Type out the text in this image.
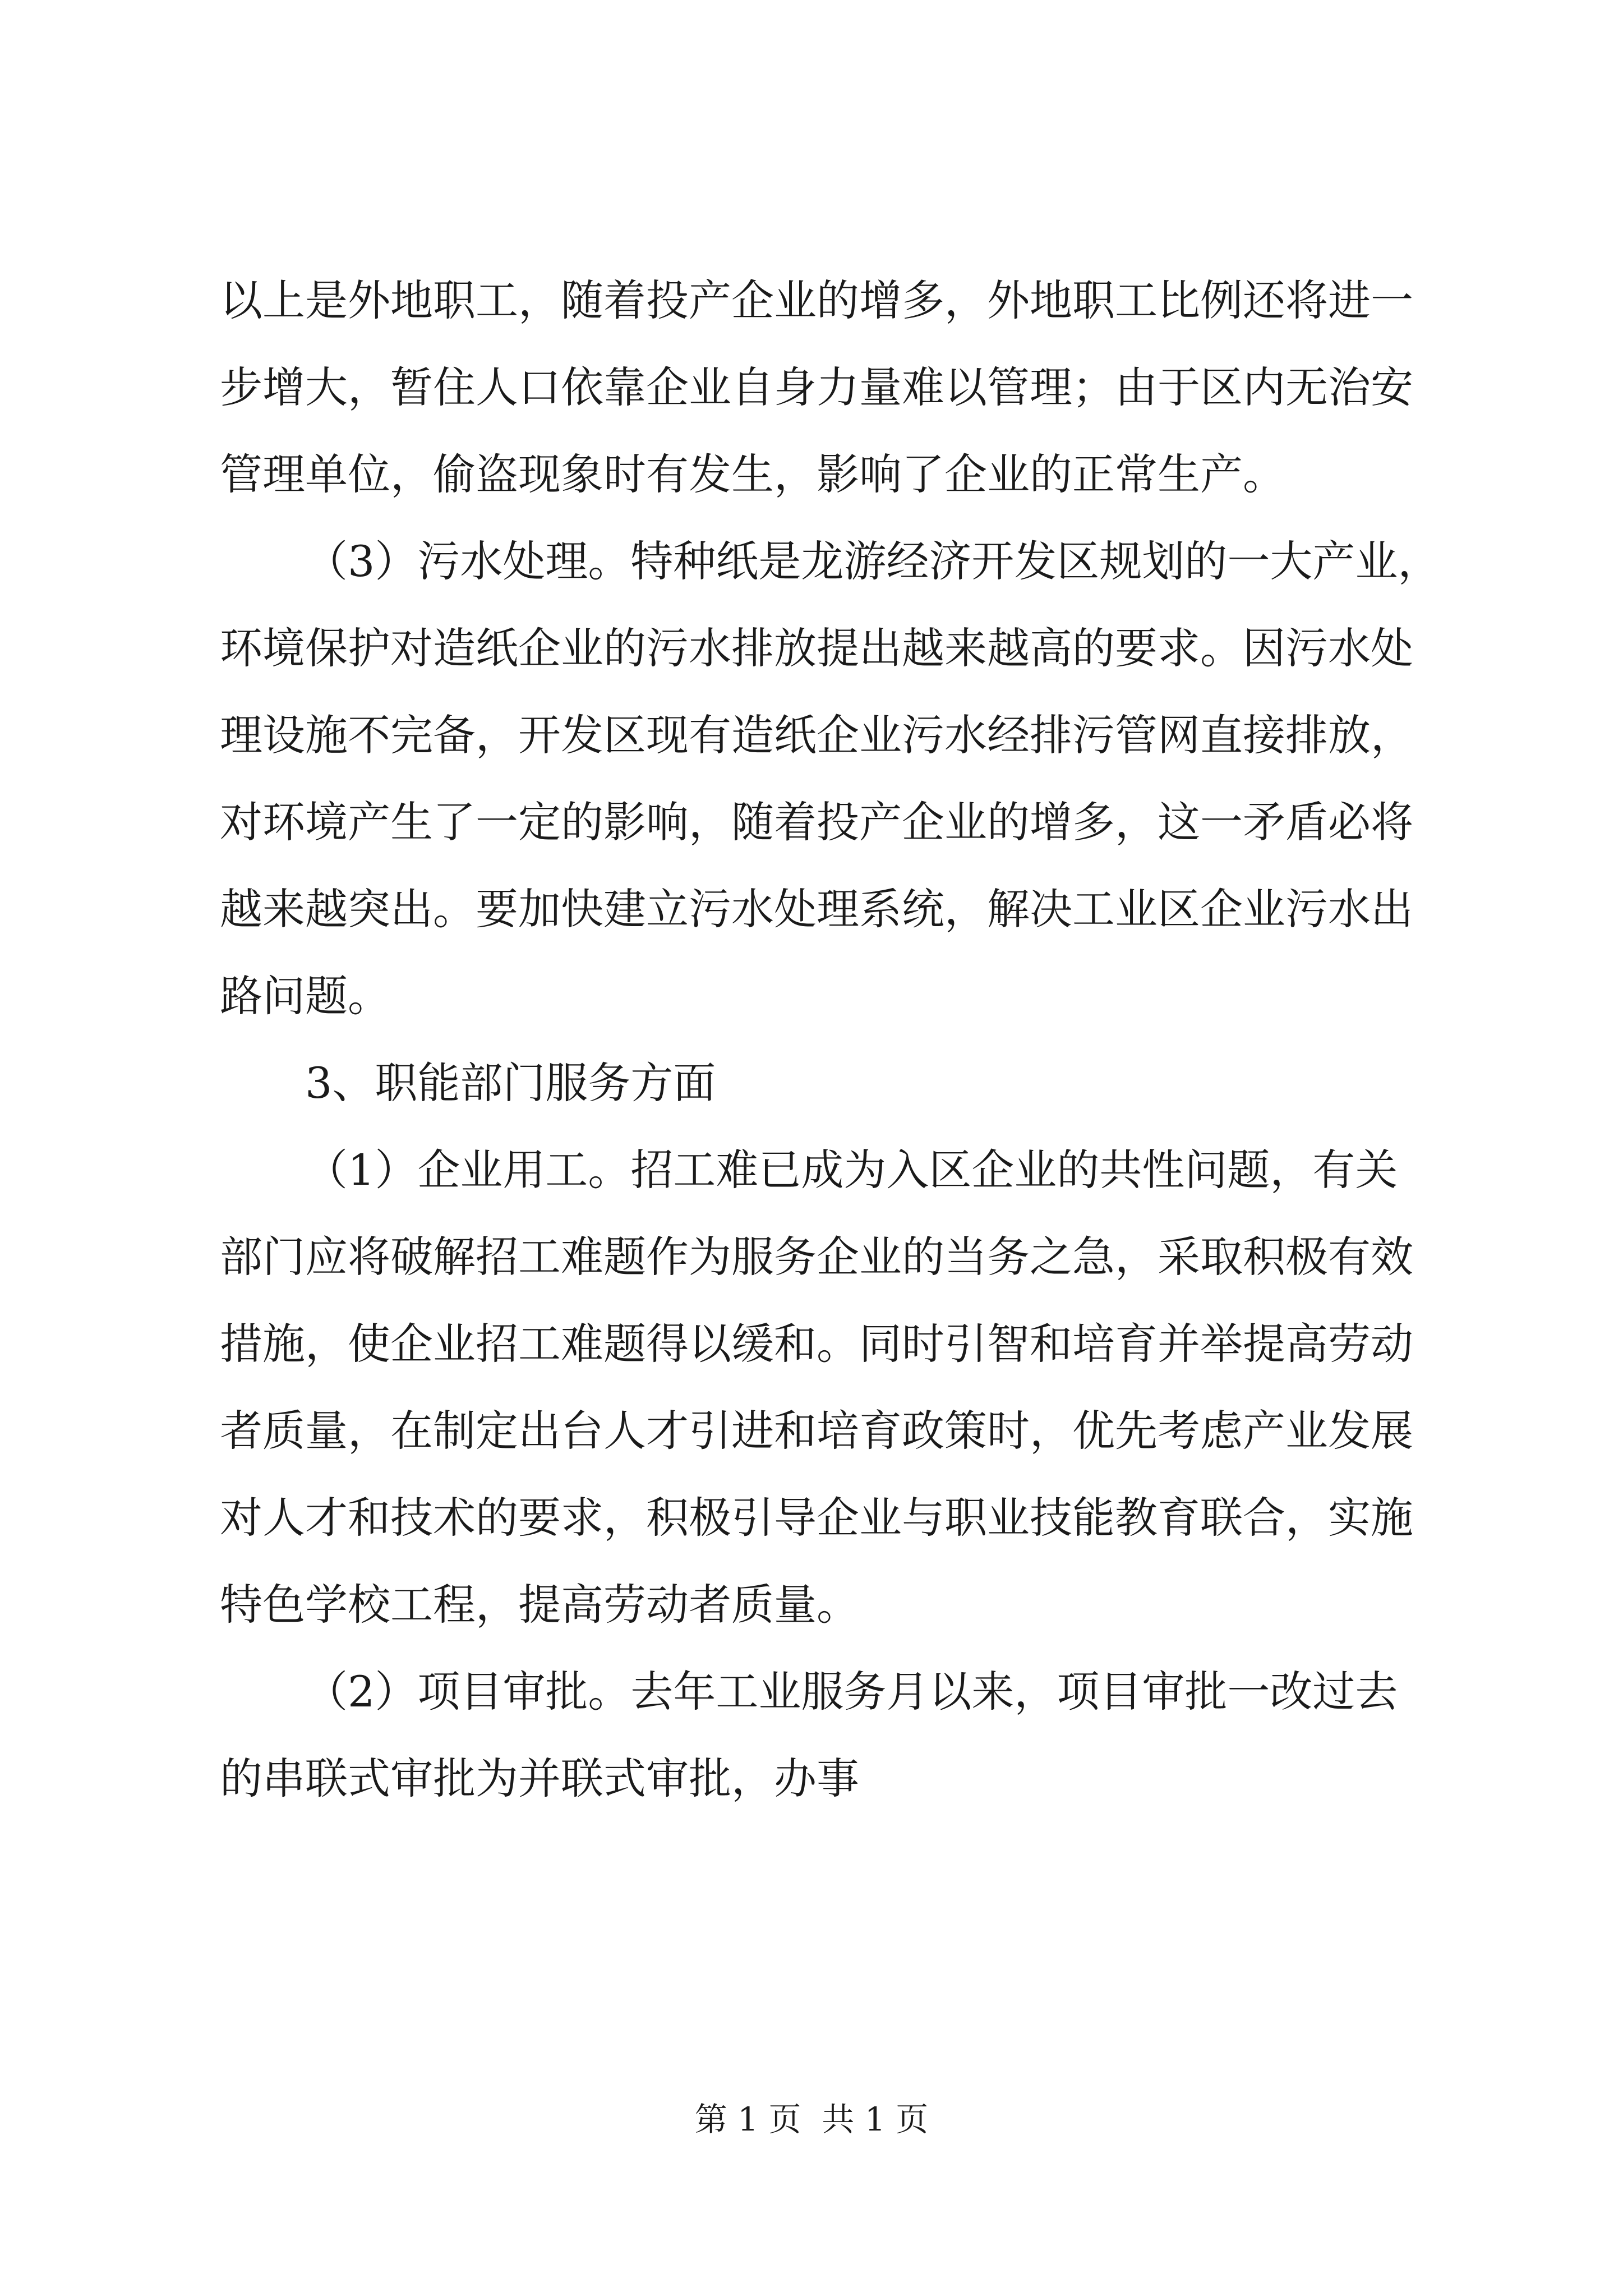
以上是外地职工，随着投产企业的增多，外地职工比例还将进一
步增大，暂住人口依靠企业自身力量难以管理；由于区内无治安
管理单位，偷盗现象时有发生，影响了企业的正常生产。
（3）污水处理。特种纸是龙游经济开发区规划的一大产业，
环境保护对造纸企业的污水排放提出越来越高的要求。因污水处
理设施不完备，开发区现有造纸企业污水经排污管网直接排放，
对环境产生了一定的影响，随着投产企业的增多，这一矛盾必将
越来越突出。要加快建立污水处理系统，解决工业区企业污水出
路问题。
3、职能部门服务方面
（1）企业用工。招工难已成为入区企业的共性问题，有关
部门应将破解招工难题作为服务企业的当务之急，采取积极有效
措施，使企业招工难题得以缓和。同时引智和培育并举提高劳动
者质量，在制定出台人才引进和培育政策时，优先考虑产业发展
对人才和技术的要求，积极引导企业与职业技能教育联合，实施
特色学校工程，提高劳动者质量。
（2）项目审批。去年工业服务月以来，项目审批一改过去
的串联式审批为并联式审批，办事
第 1 页  共 1 页
